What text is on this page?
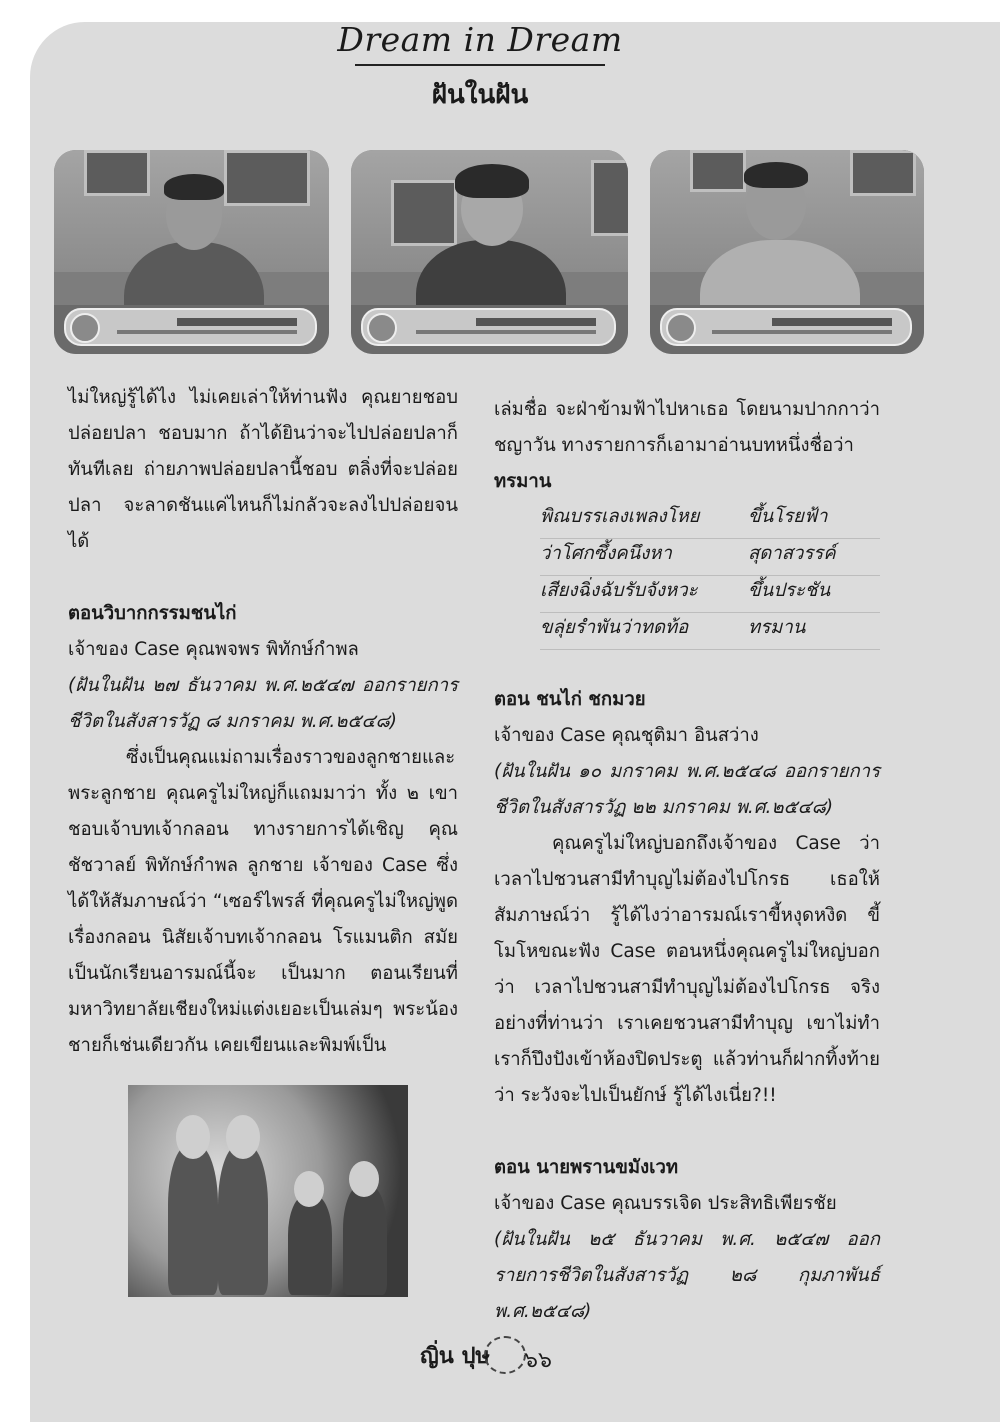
Dream in Dream
ฝันในฝัน

ไม่ใหญ่รู้ได้ไง ไม่เคยเล่าให้ท่านฟัง คุณยายชอบปล่อยปลา ชอบมาก ถ้าได้ยินว่าจะไปปล่อยปลาก็ทันทีเลย ถ่ายภาพปล่อยปลานี้ชอบ ตลิ่งที่จะปล่อยปลา จะลาดชันแค่ไหนก็ไม่กลัวจะลงไปปล่อยจนได้

ตอนวิบากกรรมชนไก่

เจ้าของ Case คุณพจพร พิทักษ์กำพล

(ฝันในฝัน ๒๗ ธันวาคม พ.ศ.๒๕๔๗ ออกรายการชีวิตในสังสารวัฏ ๘ มกราคม พ.ศ.๒๕๔๘)

ซึ่งเป็นคุณแม่ถามเรื่องราวของลูกชายและพระลูกชาย คุณครูไม่ใหญ่ก็แถมมาว่า ทั้ง ๒ เขาชอบเจ้าบทเจ้ากลอน ทางรายการได้เชิญ คุณ ชัชวาลย์ พิทักษ์กำพล ลูกชาย เจ้าของ Case ซึ่งได้ให้สัมภาษณ์ว่า “เซอร์ไพรส์ ที่คุณครูไม่ใหญ่พูดเรื่องกลอน นิสัยเจ้าบทเจ้ากลอน โรแมนติก สมัยเป็นนักเรียนอารมณ์นี้จะ เป็นมาก ตอนเรียนที่มหาวิทยาลัยเชียงใหม่แต่งเยอะเป็นเล่มๆ พระน้องชายก็เช่นเดียวกัน เคยเขียนและพิมพ์เป็น

เล่มชื่อ จะฝ่าข้ามฟ้าไปหาเธอ โดยนามปากกาว่า ชญาวัน ทางรายการก็เอามาอ่านบทหนึ่งชื่อว่า

ทรมาน

พิณบรรเลงเพลงโหย	ขึ้นโรยฟ้า
ว่าโศกซึ้งคนึงหา	สุดาสวรรค์
เสียงฉิ่งฉับรับจังหวะ	ขึ้นประชัน
ขลุ่ยรำพันว่าทดท้อ	ทรมาน

ตอน ชนไก่ ชกมวย

เจ้าของ Case คุณชุติมา อินสว่าง

(ฝันในฝัน ๑๐ มกราคม พ.ศ.๒๕๔๘ ออกรายการชีวิตในสังสารวัฏ ๒๒ มกราคม พ.ศ.๒๕๔๘)

คุณครูไม่ใหญ่บอกถึงเจ้าของ Case ว่า เวลาไปชวนสามีทำบุญไม่ต้องไปโกรธ เธอให้สัมภาษณ์ว่า รู้ได้ไงว่าอารมณ์เราขี้หงุดหงิด ขี้โมโหขณะฟัง Case ตอนหนึ่งคุณครูไม่ใหญ่บอกว่า เวลาไปชวนสามีทำบุญไม่ต้องไปโกรธ จริงอย่างที่ท่านว่า เราเคยชวนสามีทำบุญ เขาไม่ทำ เราก็ปึงปังเข้าห้องปิดประตู แล้วท่านก็ฝากทิ้งท้ายว่า ระวังจะไปเป็นยักษ์ รู้ได้ไงเนี่ย?!!

ตอน นายพรานขมังเวท

เจ้าของ Case คุณบรรเจิด ประสิทธิเพียรชัย

(ฝันในฝัน ๒๕ ธันวาคม พ.ศ. ๒๕๔๗ ออกรายการชีวิตในสังสารวัฏ ๒๘ กุมภาพันธ์ พ.ศ.๒๕๔๘)

ญิ่น ปุษ ๖๖
